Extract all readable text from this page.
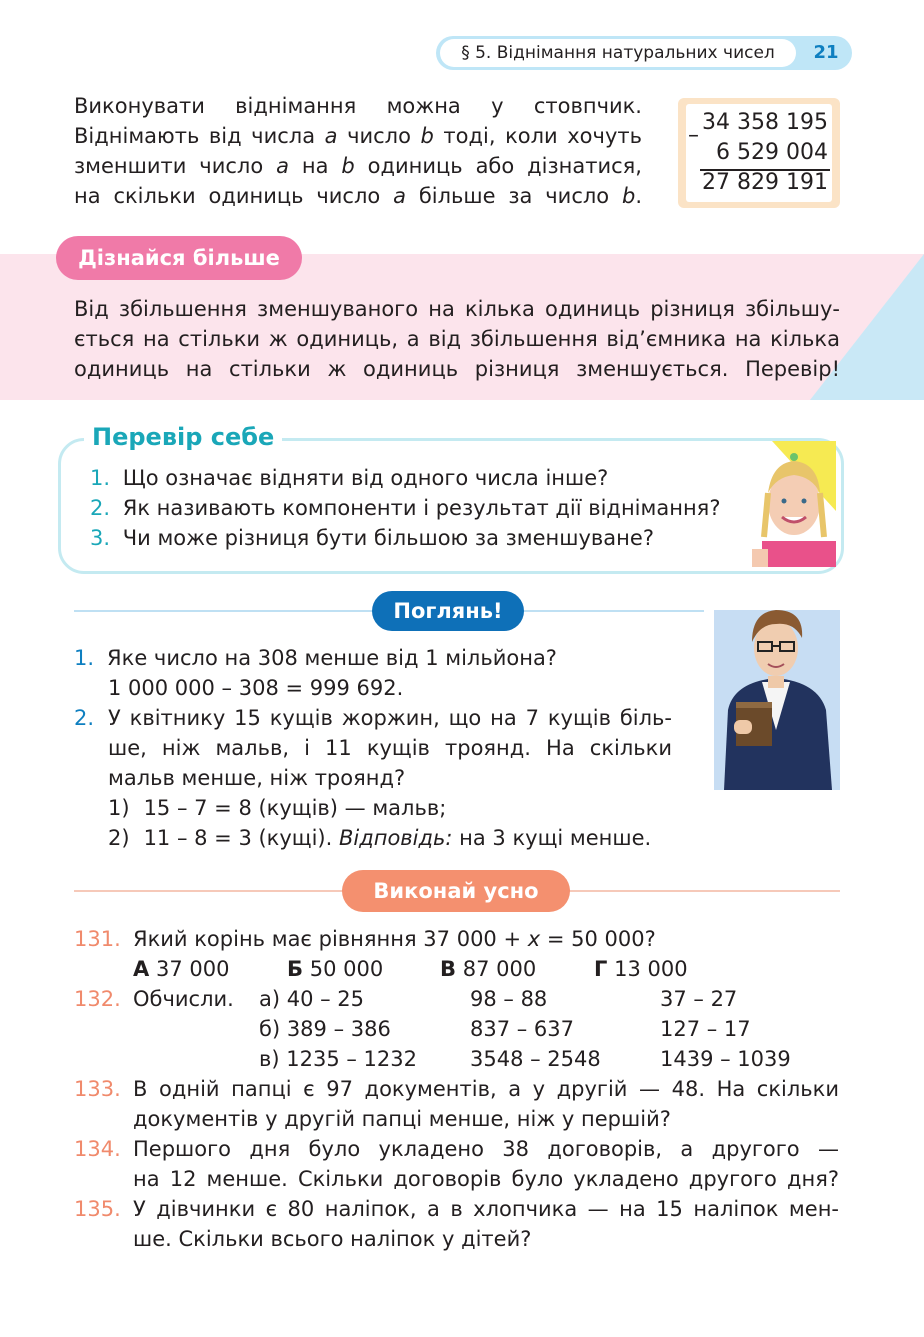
§ 5. Віднімання натуральних чисел	21
Виконувати віднімання можна у стовпчик.
Віднімають від числа a число b тоді, коли хочуть
зменшити число a на b одиниць або дізнатися,
на скільки одиниць число a більше за число b.
–
34 358 195
6 529 004
27 829 191
Дізнайся більше
Від збільшення зменшуваного на кілька одиниць різниця збільшу-
ється на стільки ж одиниць, а від збільшення від’ємника на кілька
одиниць на стільки ж одиниць різниця зменшується. Перевір!
Перевір себе
1. Що означає відняти від одного числа інше?
2. Як називають компоненти і результат дії віднімання?
3. Чи може різниця бути більшою за зменшуване?
Поглянь!
1. Яке число на 308 менше від 1 мільйона?
1 000 000 – 308 = 999 692.
2. У квітнику 15 кущів жоржин, що на 7 кущів біль-
ше, ніж мальв, і 11 кущів троянд. На скільки
мальв менше, ніж троянд?
1) 15 – 7 = 8 (кущів) — мальв;
2) 11 – 8 = 3 (кущі). Відповідь: на 3 кущі менше.
Виконай усно
131. Який корінь має рівняння 37 000 + x = 50 000?
А 37 000	Б 50 000	В 87 000	Г 13 000
132. Обчисли. а) 40 – 25	98 – 88	37 – 27
б) 389 – 386	837 – 637	127 – 17
в) 1235 – 1232	3548 – 2548	1439 – 1039
133. В одній папці є 97 документів, а у другій — 48. На скільки
документів у другій папці менше, ніж у першій?
134. Першого дня було укладено 38 договорів, а другого —
на 12 менше. Скільки договорів було укладено другого дня?
135. У дівчинки є 80 наліпок, а в хлопчика — на 15 наліпок мен-
ше. Скільки всього наліпок у дітей?
